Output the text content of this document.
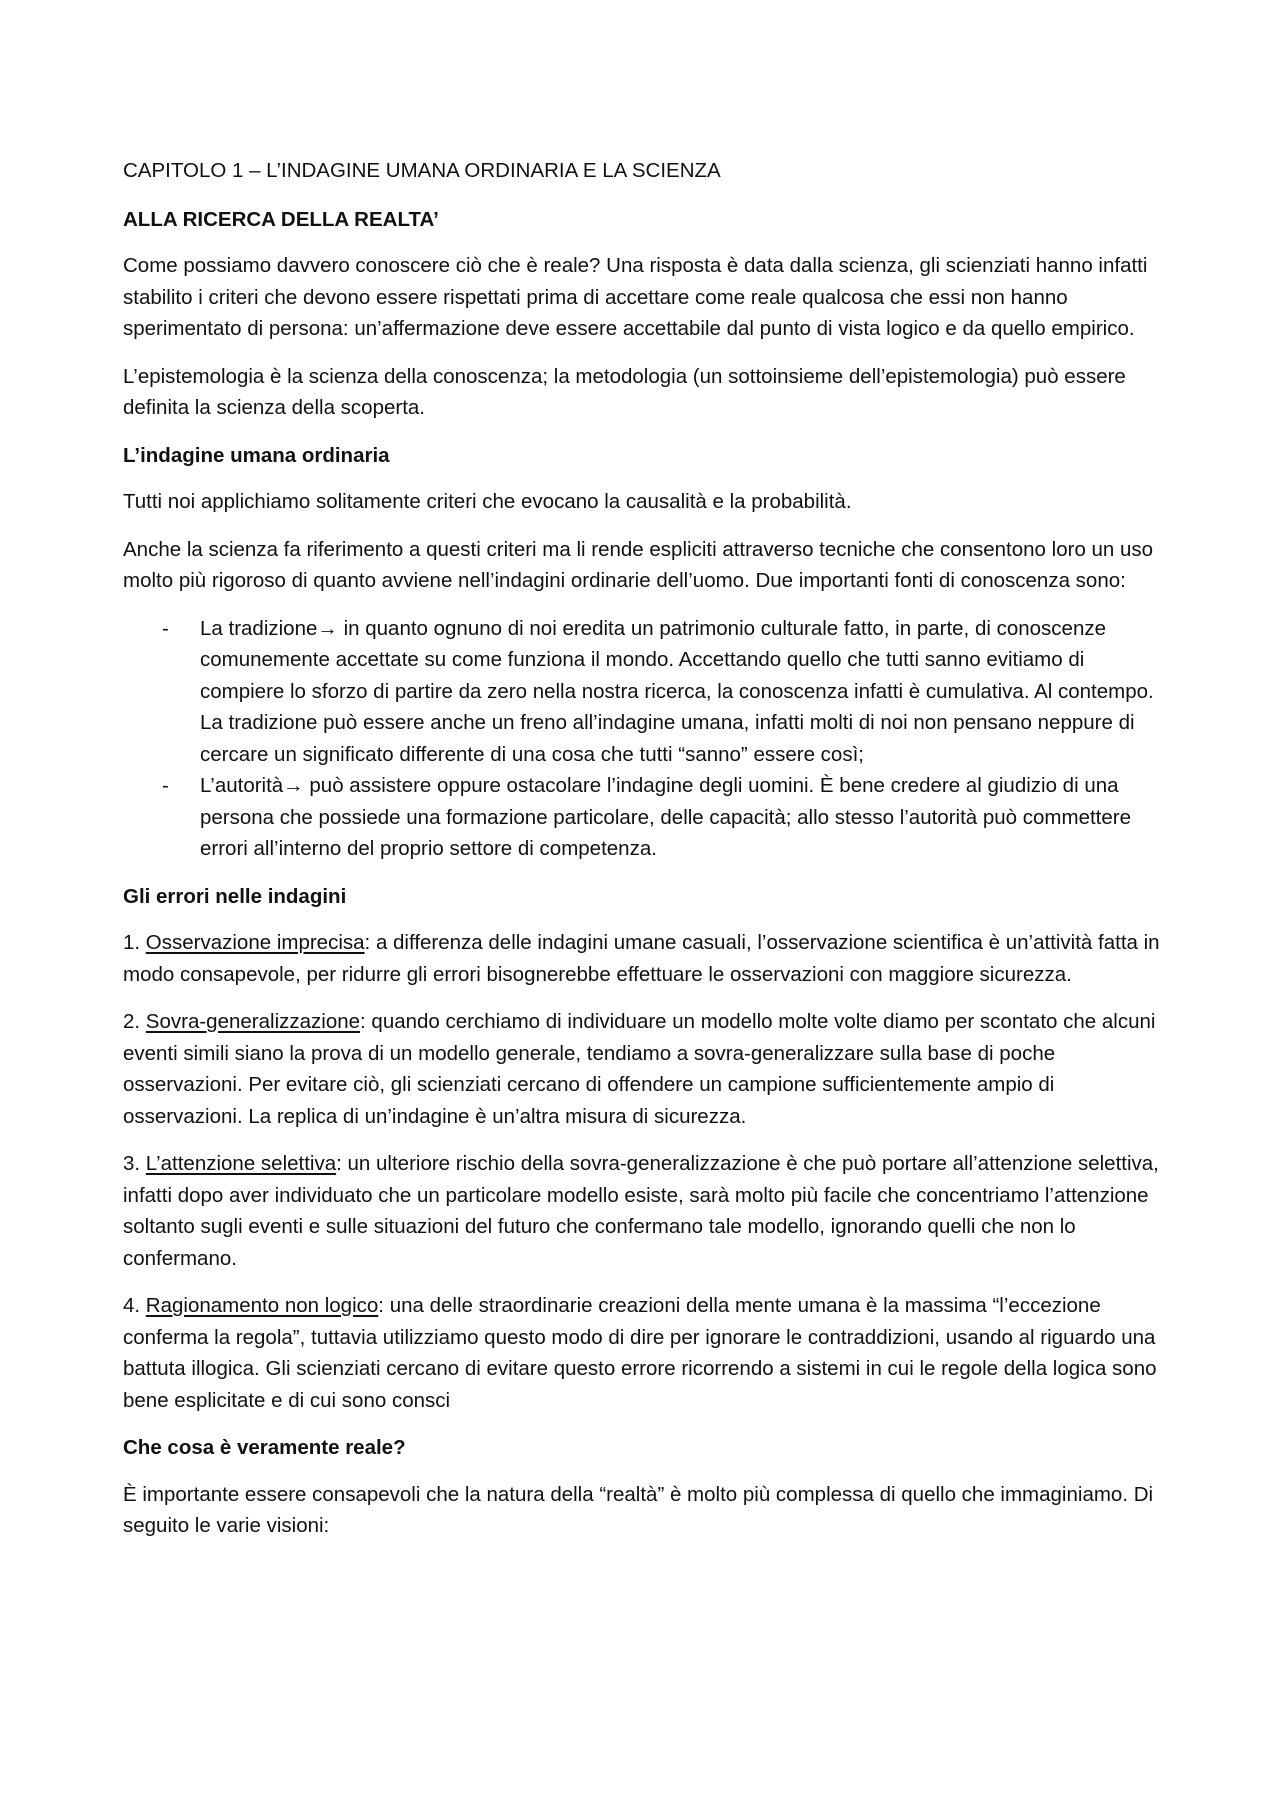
CAPITOLO 1 – L’INDAGINE UMANA ORDINARIA E LA SCIENZA

ALLA RICERCA DELLA REALTA’

Come possiamo davvero conoscere ciò che è reale? Una risposta è data dalla scienza, gli scienziati hanno infatti stabilito i criteri che devono essere rispettati prima di accettare come reale qualcosa che essi non hanno sperimentato di persona: un’affermazione deve essere accettabile dal punto di vista logico e da quello empirico.

L’epistemologia è la scienza della conoscenza; la metodologia (un sottoinsieme dell’epistemologia) può essere definita la scienza della scoperta.

L’indagine umana ordinaria

Tutti noi applichiamo solitamente criteri che evocano la causalità e la probabilità.

Anche la scienza fa riferimento a questi criteri ma li rende espliciti attraverso tecniche che consentono loro un uso molto più rigoroso di quanto avviene nell’indagini ordinarie dell’uomo. Due importanti fonti di conoscenza sono:

- La tradizione→ in quanto ognuno di noi eredita un patrimonio culturale fatto, in parte, di conoscenze comunemente accettate su come funziona il mondo. Accettando quello che tutti sanno evitiamo di compiere lo sforzo di partire da zero nella nostra ricerca, la conoscenza infatti è cumulativa. Al contempo. La tradizione può essere anche un freno all’indagine umana, infatti molti di noi non pensano neppure di cercare un significato differente di una cosa che tutti “sanno” essere così;
- L’autorità→ può assistere oppure ostacolare l’indagine degli uomini. È bene credere al giudizio di una persona che possiede una formazione particolare, delle capacità; allo stesso l’autorità può commettere errori all’interno del proprio settore di competenza.

Gli errori nelle indagini

1. Osservazione imprecisa: a differenza delle indagini umane casuali, l’osservazione scientifica è un’attività fatta in modo consapevole, per ridurre gli errori bisognerebbe effettuare le osservazioni con maggiore sicurezza.

2. Sovra-generalizzazione: quando cerchiamo di individuare un modello molte volte diamo per scontato che alcuni eventi simili siano la prova di un modello generale, tendiamo a sovra-generalizzare sulla base di poche osservazioni. Per evitare ciò, gli scienziati cercano di offendere un campione sufficientemente ampio di osservazioni. La replica di un’indagine è un’altra misura di sicurezza.

3. L’attenzione selettiva: un ulteriore rischio della sovra-generalizzazione è che può portare all’attenzione selettiva, infatti dopo aver individuato che un particolare modello esiste, sarà molto più facile che concentriamo l’attenzione soltanto sugli eventi e sulle situazioni del futuro che confermano tale modello, ignorando quelli che non lo confermano.

4. Ragionamento non logico: una delle straordinarie creazioni della mente umana è la massima “l’eccezione conferma la regola”, tuttavia utilizziamo questo modo di dire per ignorare le contraddizioni, usando al riguardo una battuta illogica. Gli scienziati cercano di evitare questo errore ricorrendo a sistemi in cui le regole della logica sono bene esplicitate e di cui sono consci

Che cosa è veramente reale?

È importante essere consapevoli che la natura della “realtà” è molto più complessa di quello che immaginiamo. Di seguito le varie visioni:
